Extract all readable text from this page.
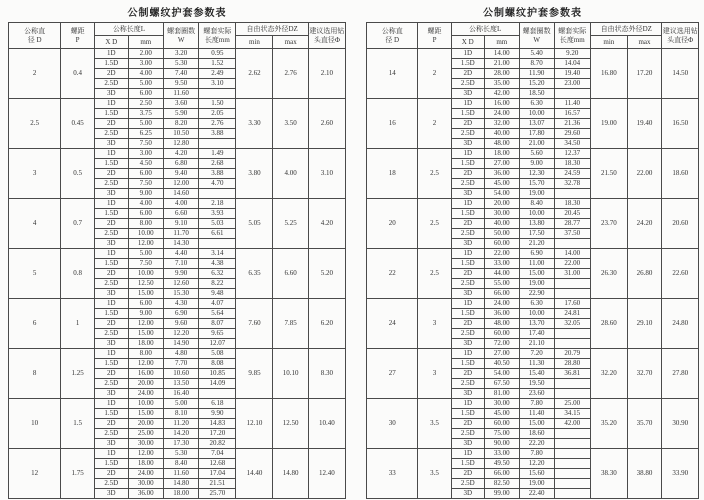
公制螺纹护套参数表
公称直
径 D	螺距
P	公称长度L		螺套圈数
W	螺套实际
长度mm	自由状态外径DZ		建议选用钻
头直径Φ

		X D	mm			min	max	
2	0.4	1D	2.00	3.20	0.95	2.62	2.76	2.10
		1.5D	3.00	5.30	1.52			
		2D	4.00	7.40	2.49			
		2.5D	5.00	9.50	3.10			
		3D	6.00	11.60				
2.5	0.45	1D	2.50	3.60	1.50	3.30	3.50	2.60
		1.5D	3.75	5.90	2.05			
		2D	5.00	8.20	2.76			
		2.5D	6.25	10.50	3.88			
		3D	7.50	12.80				
3	0.5	1D	3.00	4.20	1.49	3.80	4.00	3.10
		1.5D	4.50	6.80	2.68			
		2D	6.00	9.40	3.88			
		2.5D	7.50	12.00	4.70			
		3D	9.00	14.60				
4	0.7	1D	4.00	4.00	2.18	5.05	5.25	4.20
		1.5D	6.00	6.60	3.93			
		2D	8.00	9.10	5.03			
		2.5D	10.00	11.70	6.61			
		3D	12.00	14.30				
5	0.8	1D	5.00	4.40	3.14	6.35	6.60	5.20
		1.5D	7.50	7.10	4.38			
		2D	10.00	9.90	6.32			
		2.5D	12.50	12.60	8.22			
		3D	15.00	15.30	9.48			
6	1	1D	6.00	4.30	4.07	7.60	7.85	6.20
		1.5D	9.00	6.90	5.64			
		2D	12.00	9.60	8.07			
		2.5D	15.00	12.20	9.65			
		3D	18.00	14.90	12.07			
8	1.25	1D	8.00	4.80	5.08	9.85	10.10	8.30
		1.5D	12.00	7.70	8.08			
		2D	16.00	10.60	10.85			
		2.5D	20.00	13.50	14.09			
		3D	24.00	16.40				
10	1.5	1D	10.00	5.00	6.18	12.10	12.50	10.40
		1.5D	15.00	8.10	9.90			
		2D	20.00	11.20	14.83			
		2.5D	25.00	14.20	17.20			
		3D	30.00	17.30	20.82			
12	1.75	1D	12.00	5.30	7.04	14.40	14.80	12.40
		1.5D	18.00	8.40	12.68			
		2D	24.00	11.60	17.04			
		2.5D	30.00	14.80	21.51			
		3D	36.00	18.00	25.70			
公制螺纹护套参数表
公称直
径 D	螺距
P	公称长度L		螺套圈数
W	螺套实际
长度mm	自由状态外径DZ		建议选用钻
头直径Φ

		X D	mm			min	max	
14	2	1D	14.00	5.40	9.20	16.80	17.20	14.50
		1.5D	21.00	8.70	14.04			
		2D	28.00	11.90	19.40			
		2.5D	35.00	15.20	23.00			
		3D	42.00	18.50				
16	2	1D	16.00	6.30	11.40	19.00	19.40	16.50
		1.5D	24.00	10.00	16.57			
		2D	32.00	13.07	21.36			
		2.5D	40.00	17.80	29.60			
		3D	48.00	21.00	34.50			
18	2.5	1D	18.00	5.60	12.37	21.50	22.00	18.60
		1.5D	27.00	9.00	18.30			
		2D	36.00	12.30	24.59			
		2.5D	45.00	15.70	32.78			
		3D	54.00	19.00				
20	2.5	1D	20.00	8.40	18.30	23.70	24.20	20.60
		1.5D	30.00	10.00	20.45			
		2D	40.00	13.80	28.77			
		2.5D	50.00	17.50	37.50			
		3D	60.00	21.20				
22	2.5	1D	22.00	6.90	14.00	26.30	26.80	22.60
		1.5D	33.00	11.00	22.00			
		2D	44.00	15.00	31.00			
		2.5D	55.00	19.00				
		3D	66.00	22.90				
24	3	1D	24.00	6.30	17.60	28.60	29.10	24.80
		1.5D	36.00	10.00	24.81			
		2D	48.00	13.70	32.05			
		2.5D	60.00	17.40				
		3D	72.00	21.10				
27	3	1D	27.00	7.20	20.79	32.20	32.70	27.80
		1.5D	40.50	11.30	28.80			
		2D	54.00	15.40	36.81			
		2.5D	67.50	19.50				
		3D	81.00	23.60				
30	3.5	1D	30.00	7.80	25.00	35.20	35.70	30.90
		1.5D	45.00	11.40	34.15			
		2D	60.00	15.00	42.00			
		2.5D	75.00	18.60				
		3D	90.00	22.20				
33	3.5	1D	33.00	7.80		38.30	38.80	33.90
		1.5D	49.50	12.20				
		2D	66.00	15.60				
		2.5D	82.50	19.00				
		3D	99.00	22.40				
